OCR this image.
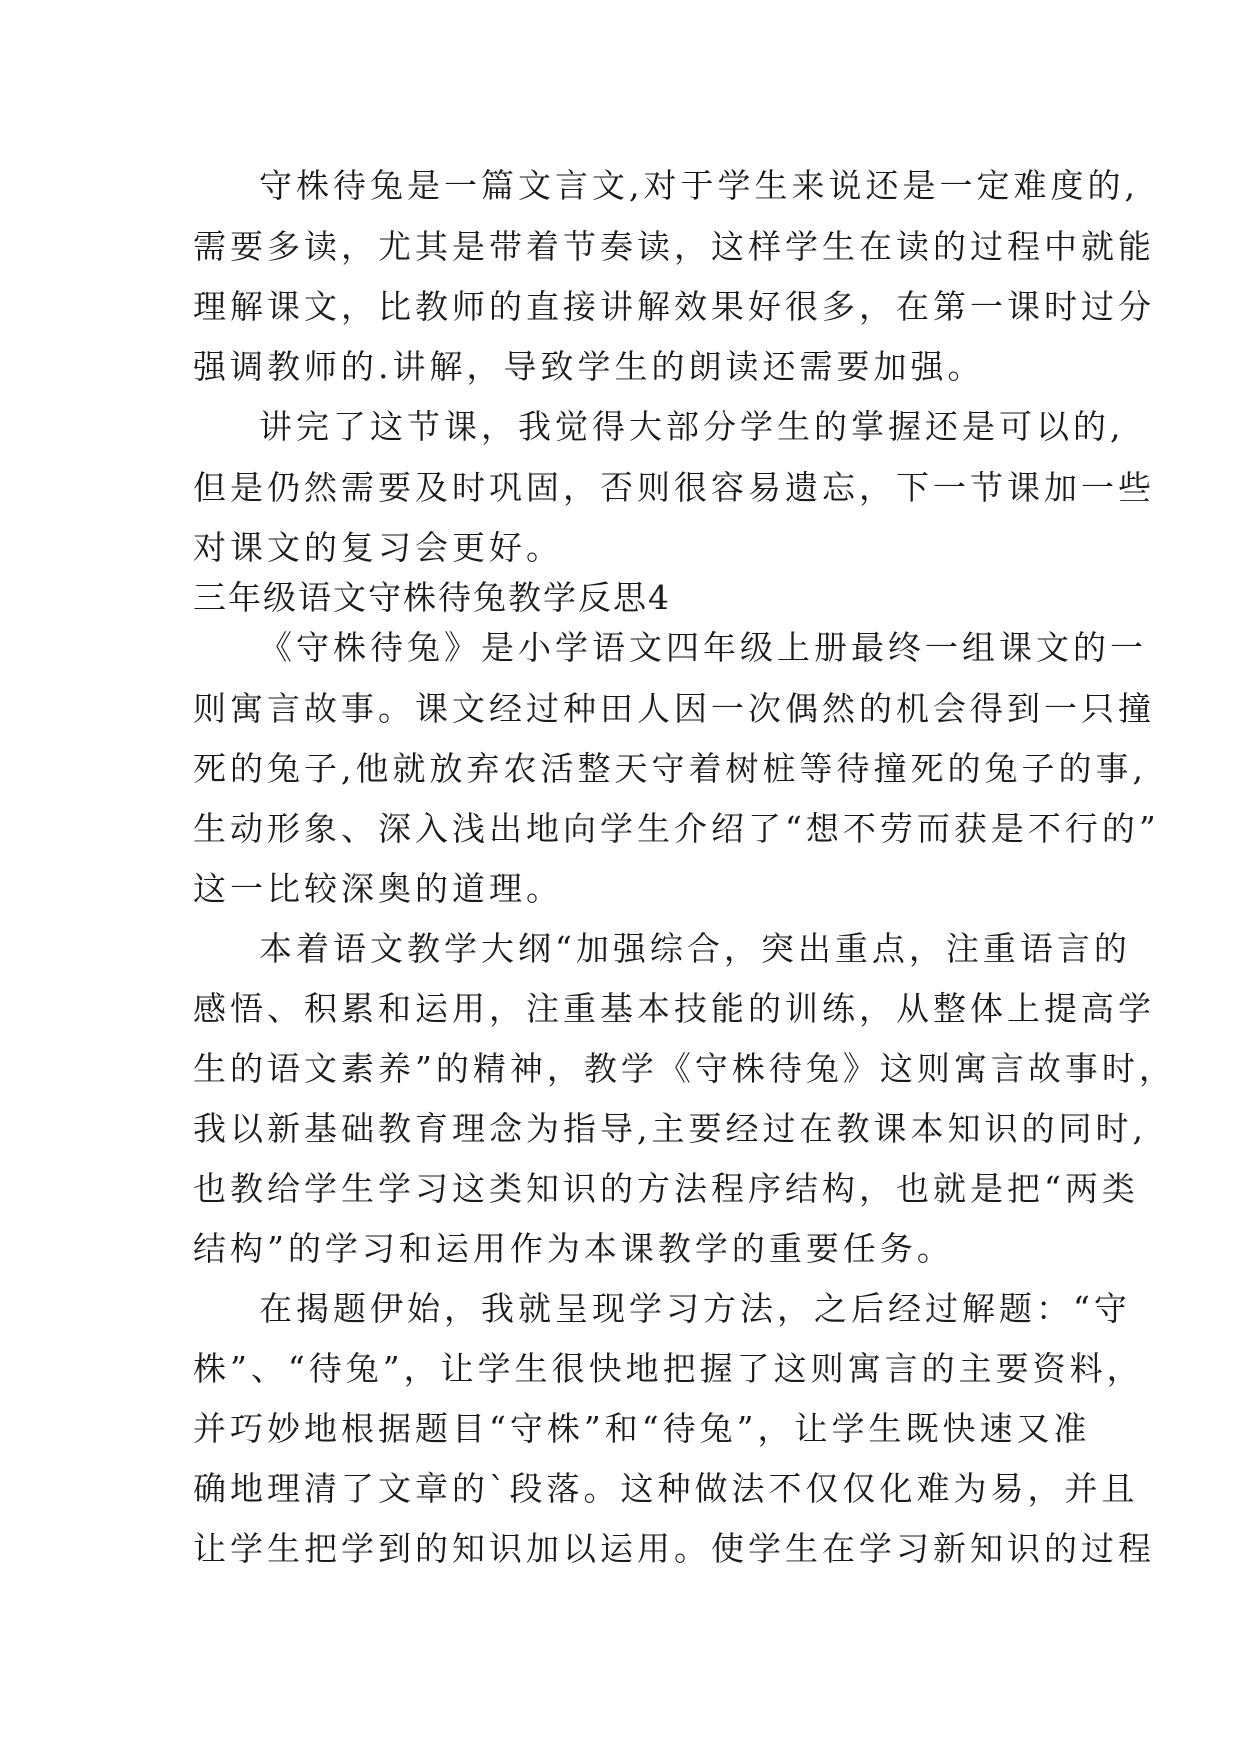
守株待兔是一篇文言文,对于学生来说还是一定难度的,
需要多读，尤其是带着节奏读，这样学生在读的过程中就能
理解课文，比教师的直接讲解效果好很多，在第一课时过分
强调教师的.讲解，导致学生的朗读还需要加强。
讲完了这节课，我觉得大部分学生的掌握还是可以的,
但是仍然需要及时巩固，否则很容易遗忘，下一节课加一些
对课文的复习会更好。
三年级语文守株待兔教学反思4
《守株待兔》是小学语文四年级上册最终一组课文的一
则寓言故事。课文经过种田人因一次偶然的机会得到一只撞
死的兔子,他就放弃农活整天守着树桩等待撞死的兔子的事,
生动形象、深入浅出地向学生介绍了“想不劳而获是不行的”
这一比较深奥的道理。
本着语文教学大纲“加强综合，突出重点，注重语言的
感悟、积累和运用，注重基本技能的训练，从整体上提高学
生的语文素养”的精神，教学《守株待兔》这则寓言故事时，
我以新基础教育理念为指导,主要经过在教课本知识的同时,
也教给学生学习这类知识的方法程序结构，也就是把“两类
结构”的学习和运用作为本课教学的重要任务。
在揭题伊始，我就呈现学习方法，之后经过解题：“守
株”、“待兔”，让学生很快地把握了这则寓言的主要资料，
并巧妙地根据题目“守株”和“待兔”，让学生既快速又准
确地理清了文章的`段落。这种做法不仅仅化难为易，并且
让学生把学到的知识加以运用。使学生在学习新知识的过程
